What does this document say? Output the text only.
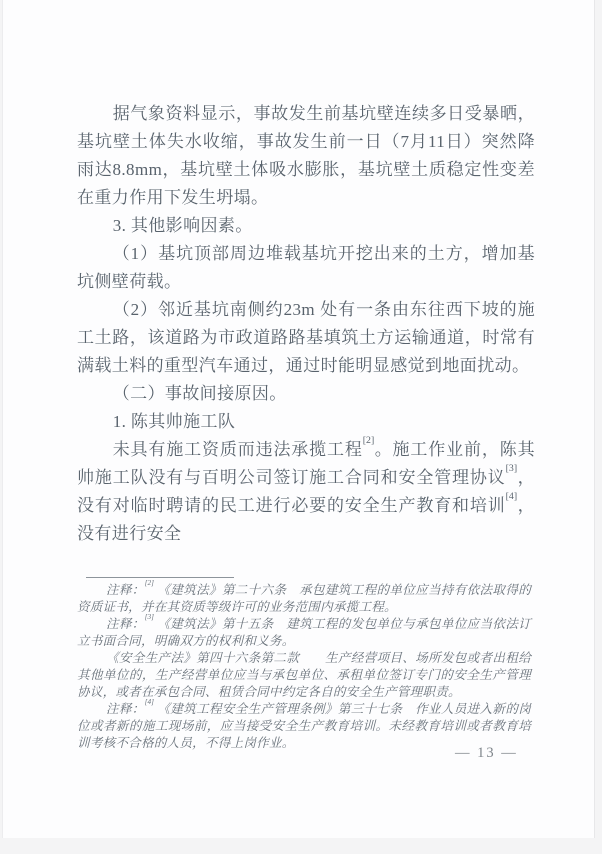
据气象资料显示，事故发生前基坑壁连续多日受暴晒，基坑壁土体失水收缩，事故发生前一日（7月11日）突然降雨达8.8mm，基坑壁土体吸水膨胀，基坑壁土质稳定性变差在重力作用下发生坍塌。

3. 其他影响因素。

（1）基坑顶部周边堆载基坑开挖出来的土方，增加基坑侧壁荷载。

（2）邻近基坑南侧约23m 处有一条由东往西下坡的施工土路，该道路为市政道路路基填筑土方运输通道，时常有满载土料的重型汽车通过，通过时能明显感觉到地面扰动。

（二）事故间接原因。

1. 陈其帅施工队

未具有施工资质而违法承揽工程[2]。施工作业前，陈其帅施工队没有与百明公司签订施工合同和安全管理协议[3]，没有对临时聘请的民工进行必要的安全生产教育和培训[4]，没有进行安全

注释：[2] 《建筑法》第二十六条　承包建筑工程的单位应当持有依法取得的资质证书，并在其资质等级许可的业务范围内承揽工程。

注释：[3] 《建筑法》第十五条　建筑工程的发包单位与承包单位应当依法订立书面合同，明确双方的权利和义务。

《安全生产法》第四十六条第二款　　生产经营项目、场所发包或者出租给其他单位的，生产经营单位应当与承包单位、承租单位签订专门的安全生产管理协议，或者在承包合同、租赁合同中约定各自的安全生产管理职责。

注释：[4] 《建筑工程安全生产管理条例》第三十七条　作业人员进入新的岗位或者新的施工现场前，应当接受安全生产教育培训。未经教育培训或者教育培训考核不合格的人员，不得上岗作业。

— 13 —
